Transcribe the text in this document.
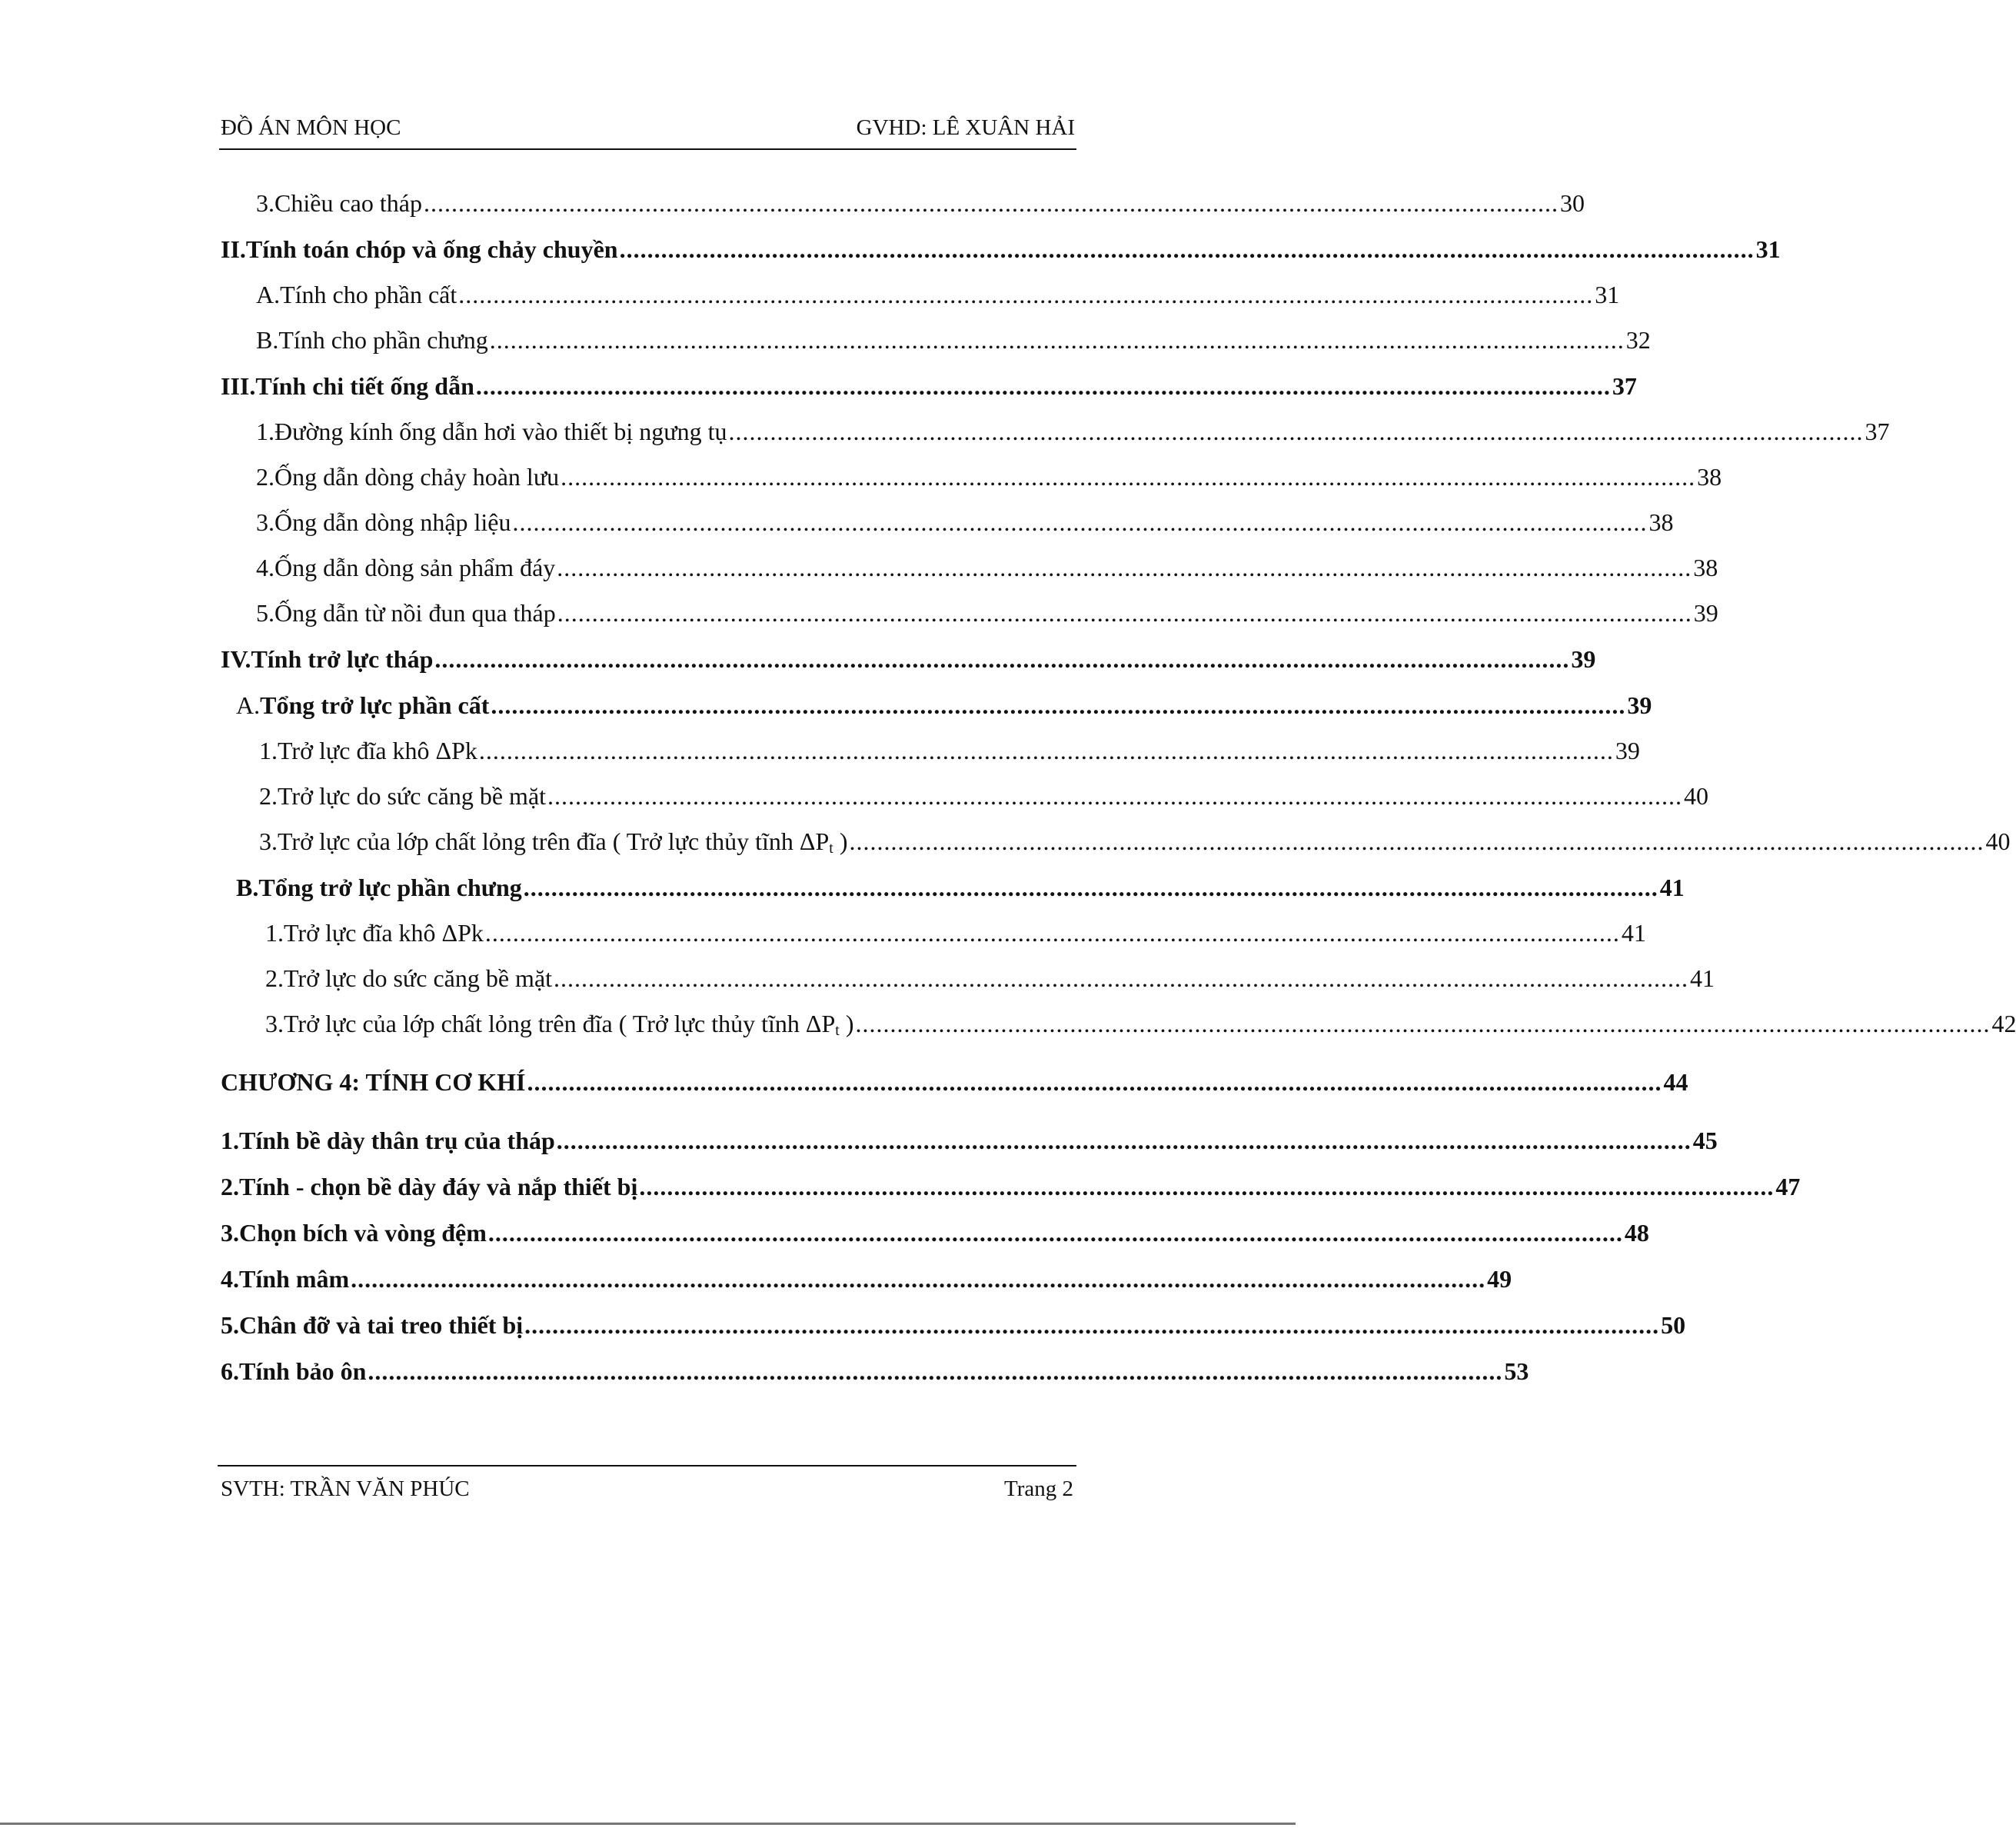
ĐỒ ÁN MÔN HỌC	GVHD: LÊ XUÂN HẢI
3. Chiều cao tháp .................................................................................................................................................................... 30
II. Tính toán chóp và ống chảy chuyền .................................................................................................................................................................... 31
A. Tính cho phần cất .................................................................................................................................................................... 31
B. Tính cho phần chưng .................................................................................................................................................................... 32
III. Tính chi tiết ống dẫn .................................................................................................................................................................... 37
1. Đường kính ống dẫn hơi vào thiết bị ngưng tụ .................................................................................................................................................................... 37
2. Ống dẫn dòng chảy hoàn lưu .................................................................................................................................................................... 38
3. Ống dẫn dòng nhập liệu .................................................................................................................................................................... 38
4. Ống dẫn dòng sản phẩm đáy .................................................................................................................................................................... 38
5. Ống dẫn từ nồi đun qua tháp .................................................................................................................................................................... 39
IV. Tính trở lực tháp .................................................................................................................................................................... 39
A. Tổng trở lực phần cất .................................................................................................................................................................... 39
1. Trở lực đĩa khô ΔPk .................................................................................................................................................................... 39
2. Trở lực do sức căng bề mặt .................................................................................................................................................................... 40
3. Trở lực của lớp chất lỏng trên đĩa ( Trở lực thủy tĩnh $\Delta P_t$ ) .................................................................................................................................................................... 40
B. Tổng trở lực phần chưng .................................................................................................................................................................... 41
1. Trở lực đĩa khô ΔPk .................................................................................................................................................................... 41
2. Trở lực do sức căng bề mặt .................................................................................................................................................................... 41
3. Trở lực của lớp chất lỏng trên đĩa ( Trở lực thủy tĩnh $\Delta P_t$ ) .................................................................................................................................................................... 42
CHƯƠNG 4: TÍNH CƠ KHÍ .................................................................................................................................................................... 44
1. Tính bề dày thân trụ của tháp .................................................................................................................................................................... 45
2. Tính - chọn bề dày đáy và nắp thiết bị .................................................................................................................................................................... 47
3. Chọn bích và vòng đệm .................................................................................................................................................................... 48
4. Tính mâm .................................................................................................................................................................... 49
5. Chân đỡ và tai treo thiết bị .................................................................................................................................................................... 50
6. Tính bảo ôn .................................................................................................................................................................... 53
SVTH: TRẦN VĂN PHÚC	Trang 2
